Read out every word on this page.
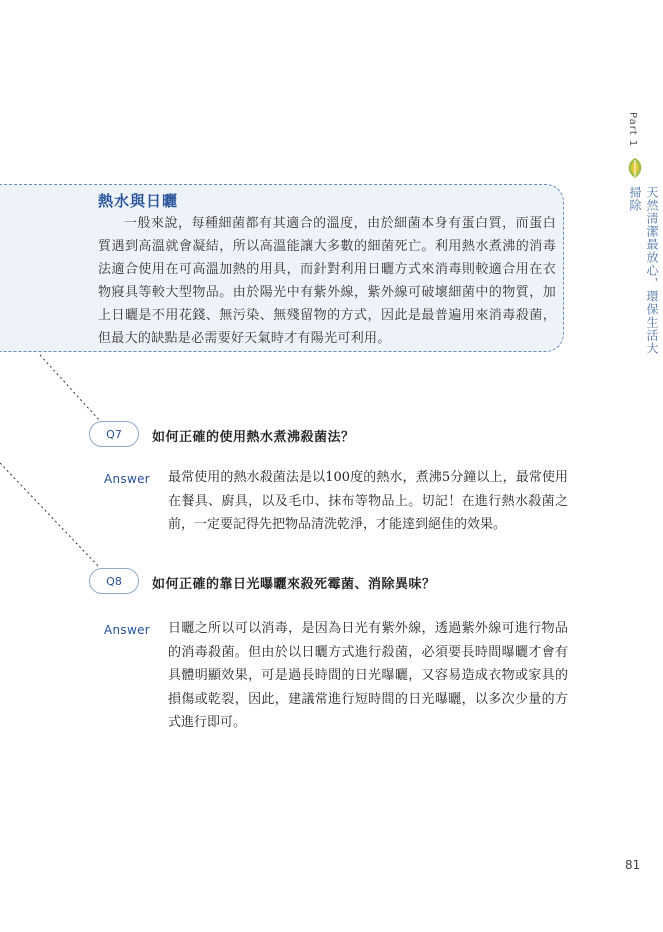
熱水與日曬

一般來說，每種細菌都有其適合的溫度，由於細菌本身有蛋白質，而蛋白質遇到高溫就會凝結，所以高溫能讓大多數的細菌死亡。利用熱水煮沸的消毒法適合使用在可高溫加熱的用具，而針對利用日曬方式來消毒則較適合用在衣物寢具等較大型物品。由於陽光中有紫外線，紫外線可破壞細菌中的物質，加上日曬是不用花錢、無污染、無殘留物的方式，因此是最普遍用來消毒殺菌，但最大的缺點是必需要好天氣時才有陽光可利用。

Q7	如何正確的使用熱水煮沸殺菌法？
Answer 最常使用的熱水殺菌法是以100度的熱水，煮沸5分鐘以上，最常使用在餐具、廚具，以及毛巾、抹布等物品上。切記！在進行熱水殺菌之前，一定要記得先把物品清洗乾淨，才能達到絕佳的效果。

Q8	如何正確的靠日光曝曬來殺死霉菌、消除異味？
Answer 日曬之所以可以消毒，是因為日光有紫外線，透過紫外線可進行物品的消毒殺菌。但由於以日曬方式進行殺菌，必須要長時間曝曬才會有具體明顯效果，可是過長時間的日光曝曬，又容易造成衣物或家具的損傷或乾裂，因此，建議常進行短時間的日光曝曬，以多次少量的方式進行即可。

Part 1
天然清潔最放心，環保生活大掃除
81
